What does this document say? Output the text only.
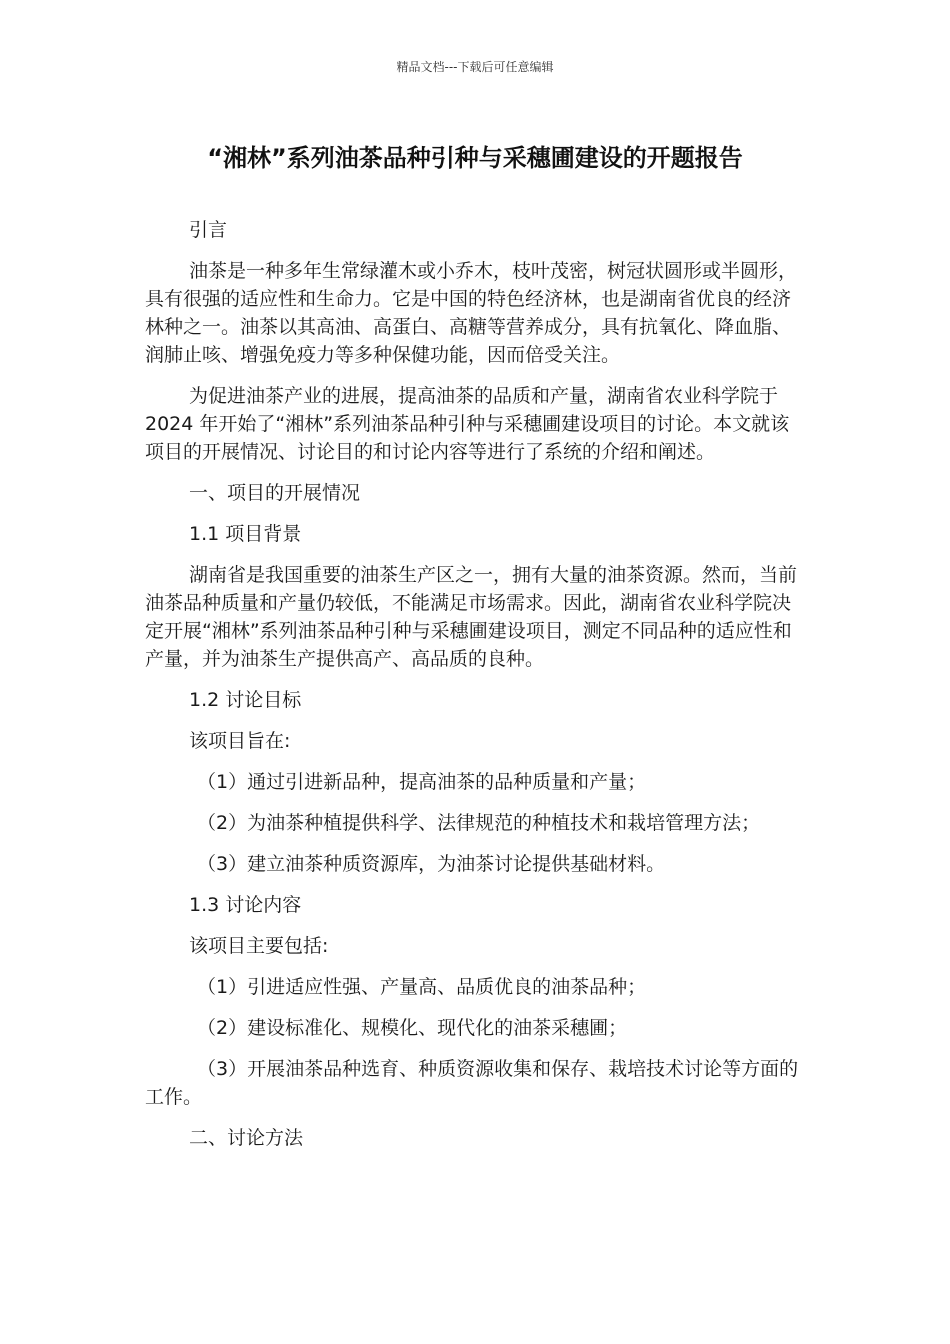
精品文档---下载后可任意编辑
“湘林”系列油茶品种引种与采穗圃建设的开题报告

引言

油茶是一种多年生常绿灌木或小乔木，枝叶茂密，树冠状圆形或半圆形，具有很强的适应性和生命力。它是中国的特色经济林，也是湖南省优良的经济林种之一。油茶以其高油、高蛋白、高糖等营养成分，具有抗氧化、降血脂、润肺止咳、增强免疫力等多种保健功能，因而倍受关注。

为促进油茶产业的进展，提高油茶的品质和产量，湖南省农业科学院于 2024 年开始了“湘林”系列油茶品种引种与采穗圃建设项目的讨论。本文就该项目的开展情况、讨论目的和讨论内容等进行了系统的介绍和阐述。

一、项目的开展情况

1.1 项目背景

湖南省是我国重要的油茶生产区之一，拥有大量的油茶资源。然而，当前油茶品种质量和产量仍较低，不能满足市场需求。因此，湖南省农业科学院决定开展“湘林”系列油茶品种引种与采穗圃建设项目，测定不同品种的适应性和产量，并为油茶生产提供高产、高品质的良种。

1.2 讨论目标

该项目旨在:

（1）通过引进新品种，提高油茶的品种质量和产量；

（2）为油茶种植提供科学、法律规范的种植技术和栽培管理方法；

（3）建立油茶种质资源库，为油茶讨论提供基础材料。

1.3 讨论内容

该项目主要包括:

（1）引进适应性强、产量高、品质优良的油茶品种；

（2）建设标准化、规模化、现代化的油茶采穗圃；

（3）开展油茶品种选育、种质资源收集和保存、栽培技术讨论等方面的工作。

二、讨论方法
